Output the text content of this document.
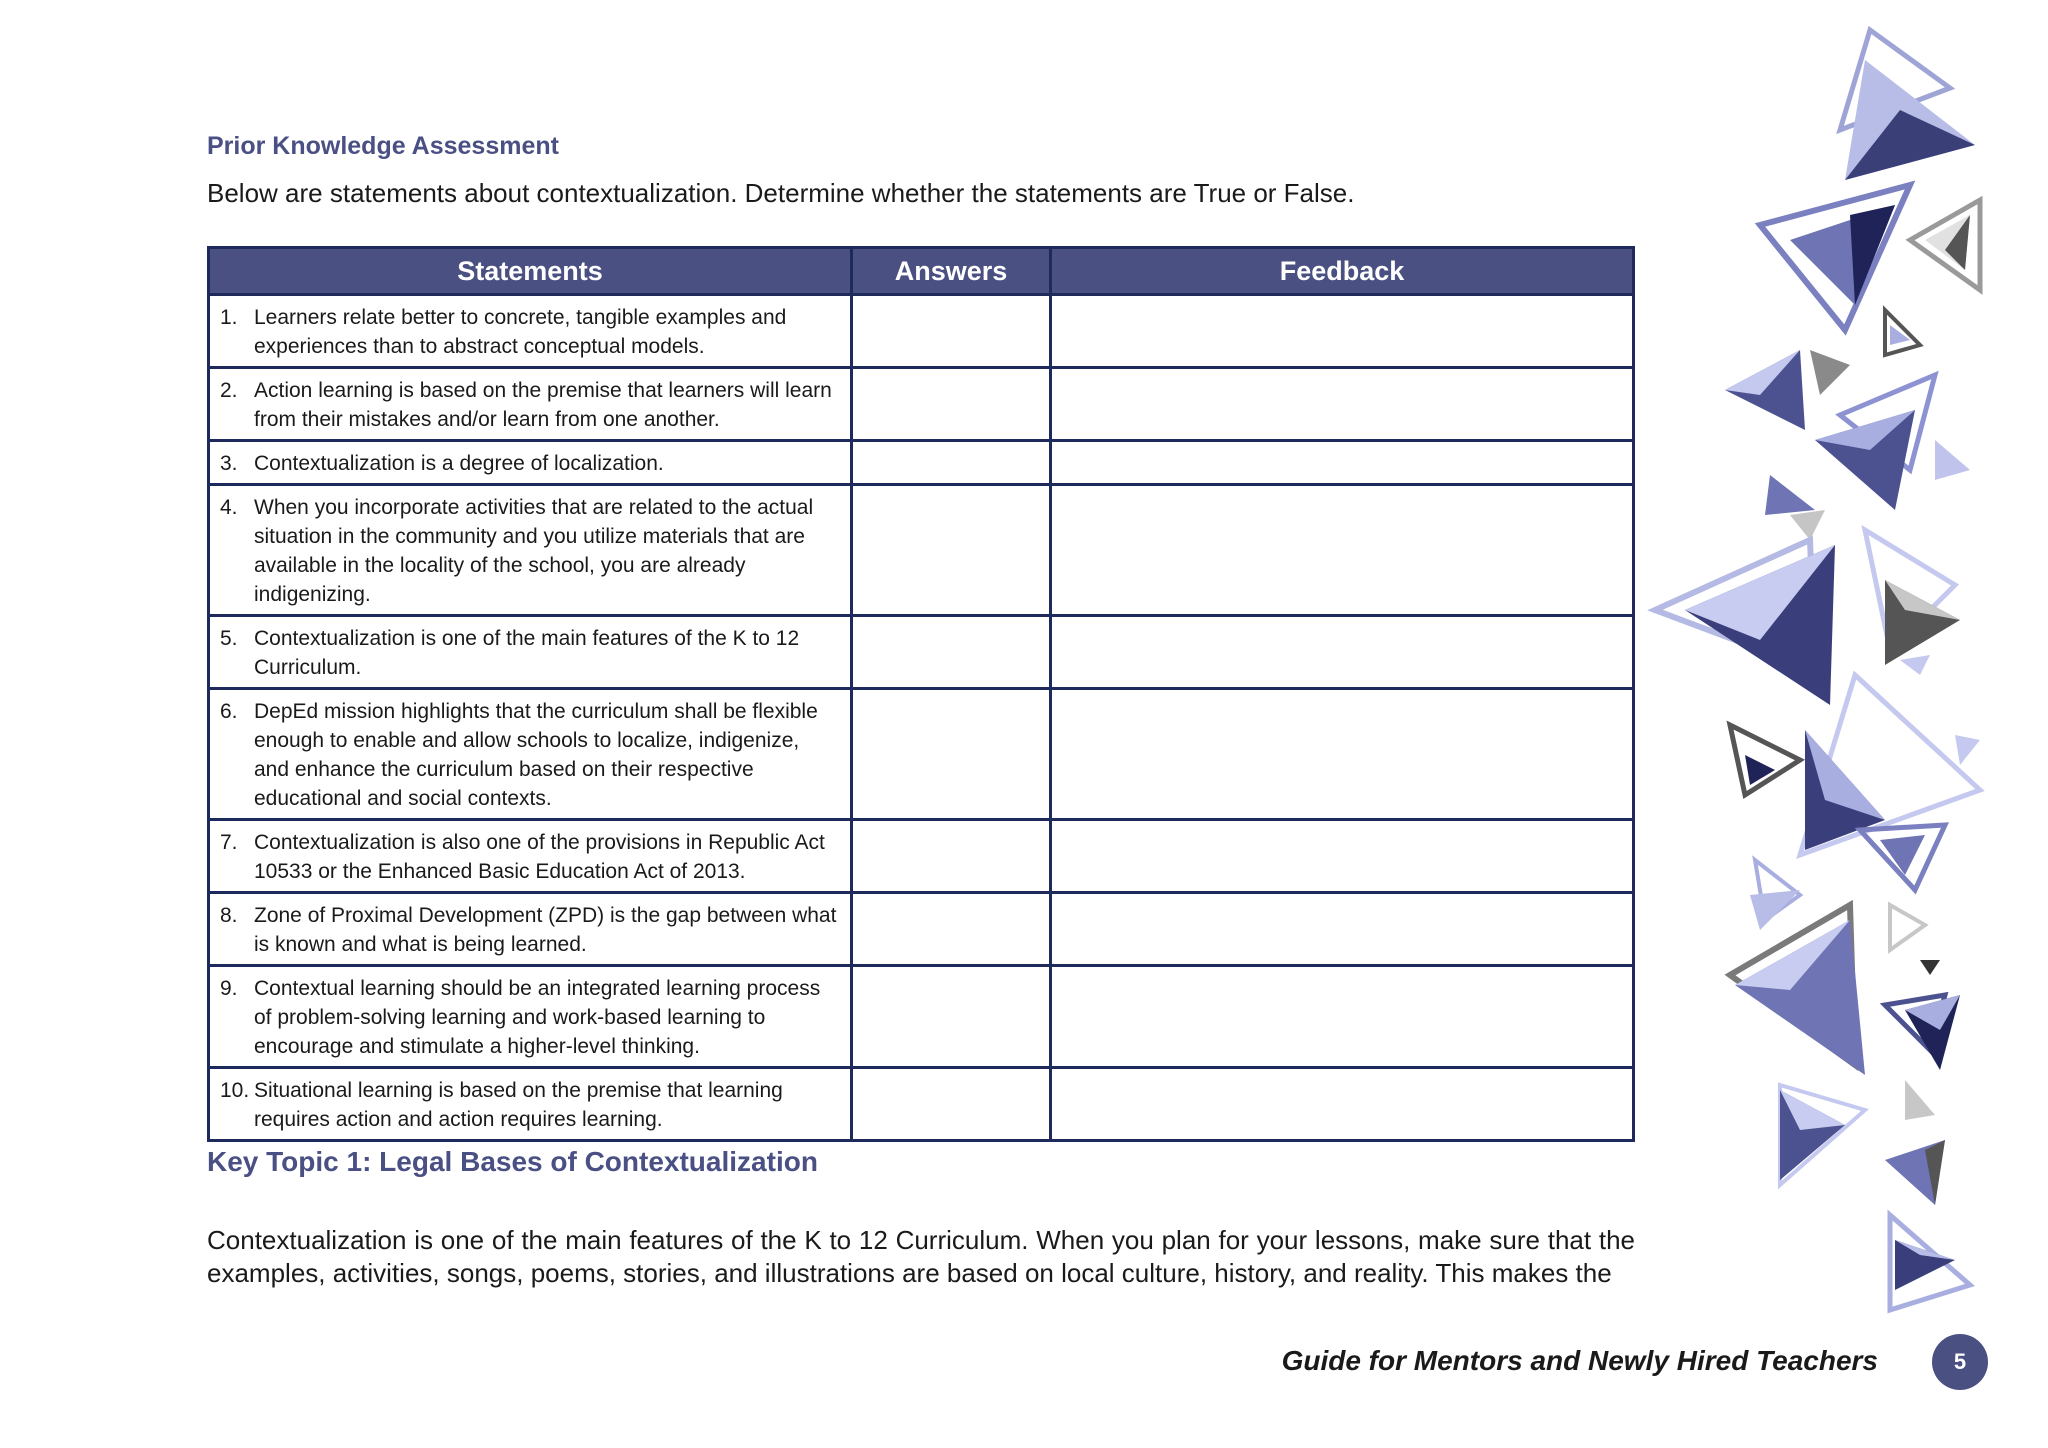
Prior Knowledge Assessment

Below are statements about contextualization. Determine whether the statements are True or False.

Statements	Answers	Feedback

1. Learners relate better to concrete, tangible examples and experiences than to abstract conceptual models.		

2. Action learning is based on the premise that learners will learn from their mistakes and/or learn from one another.		

3. Contextualization is a degree of localization.		

4. When you incorporate activities that are related to the actual situation in the community and you utilize materials that are available in the locality of the school, you are already indigenizing.		

5. Contextualization is one of the main features of the K to 12 Curriculum.		

6. DepEd mission highlights that the curriculum shall be flexible enough to enable and allow schools to localize, indigenize, and enhance the curriculum based on their respective educational and social contexts.		

7. Contextualization is also one of the provisions in Republic Act 10533 or the Enhanced Basic Education Act of 2013.		

8. Zone of Proximal Development (ZPD) is the gap between what is known and what is being learned.		

9. Contextual learning should be an integrated learning process of problem-solving learning and work-based learning to encourage and stimulate a higher-level thinking.		

10. Situational learning is based on the premise that learning requires action and action requires learning.		

Key Topic 1: Legal Bases of Contextualization

Contextualization is one of the main features of the K to 12 Curriculum. When you plan for your lessons, make sure that the examples, activities, songs, poems, stories, and illustrations are based on local culture, history, and reality. This makes the

Guide for Mentors and Newly Hired Teachers	5
